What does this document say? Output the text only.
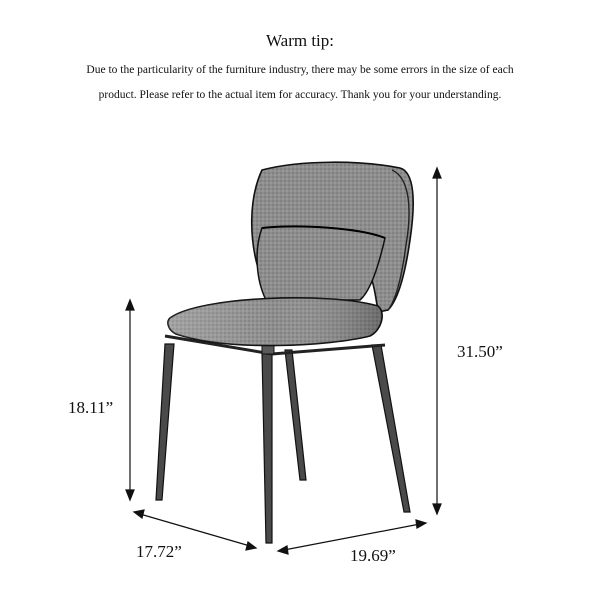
Warm tip:
Due to the particularity of the furniture industry, there may be some errors in the size of each
product. Please refer to the actual item for accuracy. Thank you for your understanding.
18.11”
31.50”
17.72”	19.69”
